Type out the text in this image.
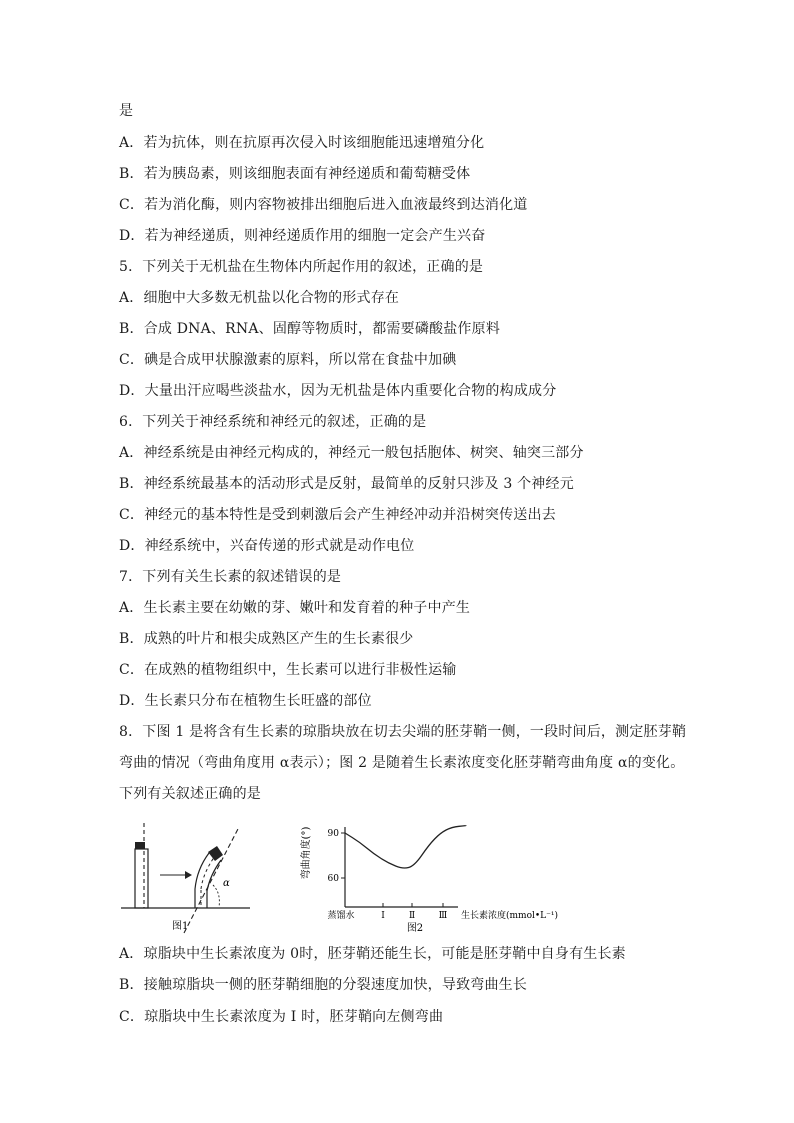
是
A．若为抗体，则在抗原再次侵入时该细胞能迅速增殖分化
B．若为胰岛素，则该细胞表面有神经递质和葡萄糖受体
C．若为消化酶，则内容物被排出细胞后进入血液最终到达消化道
D．若为神经递质，则神经递质作用的细胞一定会产生兴奋
5．下列关于无机盐在生物体内所起作用的叙述，正确的是
A．细胞中大多数无机盐以化合物的形式存在
B．合成 DNA、RNA、固醇等物质时，都需要磷酸盐作原料
C．碘是合成甲状腺激素的原料，所以常在食盐中加碘
D．大量出汗应喝些淡盐水，因为无机盐是体内重要化合物的构成成分
6．下列关于神经系统和神经元的叙述，正确的是
A．神经系统是由神经元构成的，神经元一般包括胞体、树突、轴突三部分
B．神经系统最基本的活动形式是反射，最简单的反射只涉及 3 个神经元
C．神经元的基本特性是受到刺激后会产生神经冲动并沿树突传送出去
D．神经系统中，兴奋传递的形式就是动作电位
7．下列有关生长素的叙述错误的是
A．生长素主要在幼嫩的芽、嫩叶和发育着的种子中产生
B．成熟的叶片和根尖成熟区产生的生长素很少
C．在成熟的植物组织中，生长素可以进行非极性运输
D．生长素只分布在植物生长旺盛的部位
8．下图 1 是将含有生长素的琼脂块放在切去尖端的胚芽鞘一侧，一段时间后，测定胚芽鞘
弯曲的情况（弯曲角度用 α表示）；图 2 是随着生长素浓度变化胚芽鞘弯曲角度 α的变化。
下列有关叙述正确的是
α
图1
弯曲角度(°) 90
60
蒸馏水	Ⅰ	Ⅱ	Ⅲ 生长素浓度(mmol•L⁻¹)
图2
A．琼脂块中生长素浓度为 0时，胚芽鞘还能生长，可能是胚芽鞘中自身有生长素
B．接触琼脂块一侧的胚芽鞘细胞的分裂速度加快，导致弯曲生长
C．琼脂块中生长素浓度为 Ⅰ 时，胚芽鞘向左侧弯曲
